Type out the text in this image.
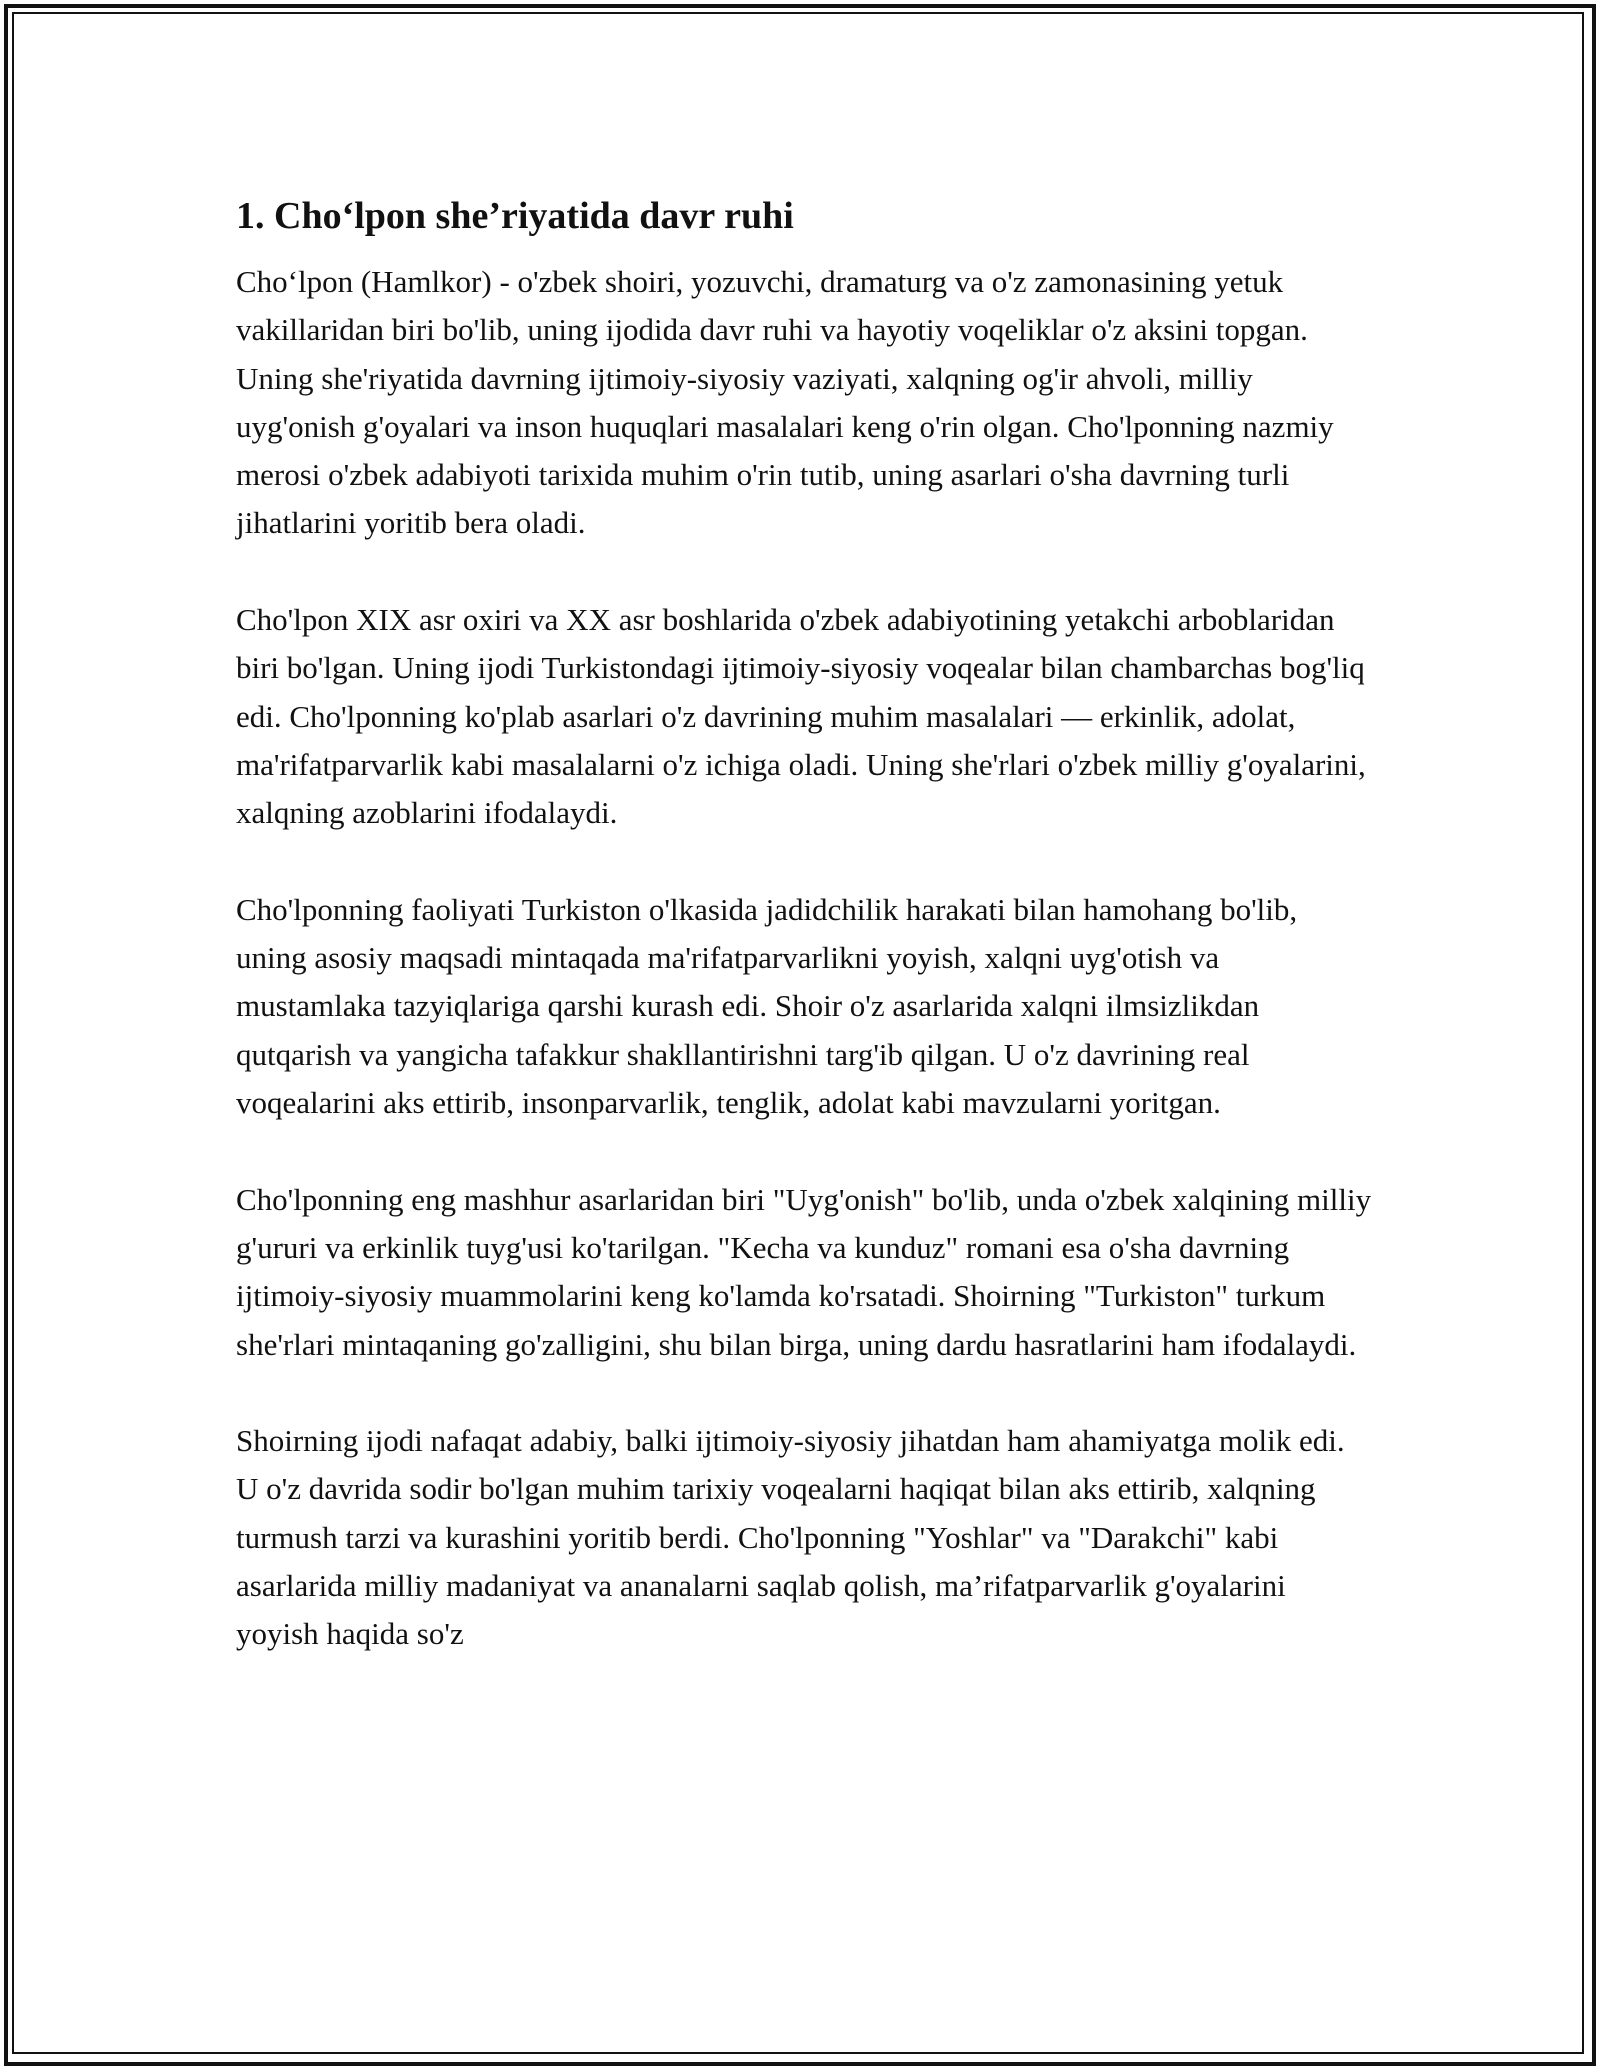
1. Cho‘lpon she’riyatida davr ruhi

Cho‘lpon (Hamlkor) - o'zbek shoiri, yozuvchi, dramaturg va o'z zamonasining yetuk vakillaridan biri bo'lib, uning ijodida davr ruhi va hayotiy voqeliklar o'z aksini topgan. Uning she'riyatida davrning ijtimoiy-siyosiy vaziyati, xalqning og'ir ahvoli, milliy uyg'onish g'oyalari va inson huquqlari masalalari keng o'rin olgan. Cho'lponning nazmiy merosi o'zbek adabiyoti tarixida muhim o'rin tutib, uning asarlari o'sha davrning turli jihatlarini yoritib bera oladi.

Cho'lpon XIX asr oxiri va XX asr boshlarida o'zbek adabiyotining yetakchi arboblaridan biri bo'lgan. Uning ijodi Turkistondagi ijtimoiy-siyosiy voqealar bilan chambarchas bog'liq edi. Cho'lponning ko'plab asarlari o'z davrining muhim masalalari — erkinlik, adolat, ma'rifatparvarlik kabi masalalarni o'z ichiga oladi. Uning she'rlari o'zbek milliy g'oyalarini, xalqning azoblarini ifodalaydi.

Cho'lponning faoliyati Turkiston o'lkasida jadidchilik harakati bilan hamohang bo'lib, uning asosiy maqsadi mintaqada ma'rifatparvarlikni yoyish, xalqni uyg'otish va mustamlaka tazyiqlariga qarshi kurash edi. Shoir o'z asarlarida xalqni ilmsizlikdan qutqarish va yangicha tafakkur shakllantirishni targ'ib qilgan. U o'z davrining real voqealarini aks ettirib, insonparvarlik, tenglik, adolat kabi mavzularni yoritgan.

Cho'lponning eng mashhur asarlaridan biri "Uyg'onish" bo'lib, unda o'zbek xalqining milliy g'ururi va erkinlik tuyg'usi ko'tarilgan. "Kecha va kunduz" romani esa o'sha davrning ijtimoiy-siyosiy muammolarini keng ko'lamda ko'rsatadi. Shoirning "Turkiston" turkum she'rlari mintaqaning go'zalligini, shu bilan birga, uning dardu hasratlarini ham ifodalaydi.

Shoirning ijodi nafaqat adabiy, balki ijtimoiy-siyosiy jihatdan ham ahamiyatga molik edi. U o'z davrida sodir bo'lgan muhim tarixiy voqealarni haqiqat bilan aks ettirib, xalqning turmush tarzi va kurashini yoritib berdi. Cho'lponning "Yoshlar" va "Darakchi" kabi asarlarida milliy madaniyat va ananalarni saqlab qolish, ma’rifatparvarlik g'oyalarini yoyish haqida so'z
